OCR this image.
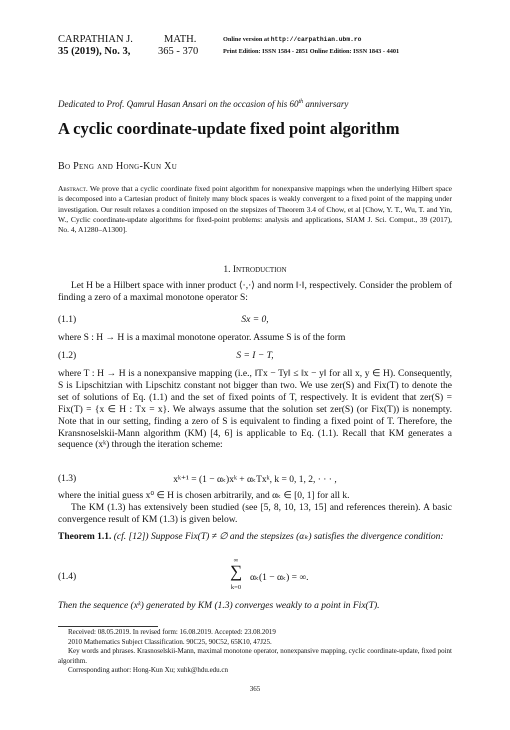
CARPATHIAN J.
35 (2019), No. 3,
MATH.
365 - 370
Online version at http://carpathian.ubm.ro
Print Edition: ISSN 1584 - 2851 Online Edition: ISSN 1843 - 4401
Dedicated to Prof. Qamrul Hasan Ansari on the occasion of his 60th anniversary
A cyclic coordinate-update fixed point algorithm
Bo Peng and Hong-Kun Xu
Abstract. We prove that a cyclic coordinate fixed point algorithm for nonexpansive mappings when the underlying Hilbert space is decomposed into a Cartesian product of finitely many block spaces is weakly convergent to a fixed point of the mapping under investigation. Our result relaxes a condition imposed on the stepsizes of Theorem 3.4 of Chow, et al [Chow, Y. T., Wu, T. and Yin, W., Cyclic coordinate-update algorithms for fixed-point problems: analysis and applications, SIAM J. Sci. Comput., 39 (2017), No. 4, A1280–A1300].
1. Introduction
Let H be a Hilbert space with inner product ⟨·,·⟩ and norm ‖·‖, respectively. Consider the problem of finding a zero of a maximal monotone operator S:
(1.1)	Sx = 0,
where S : H → H is a maximal monotone operator. Assume S is of the form
(1.2)	S = I − T,
where T : H → H is a nonexpansive mapping (i.e., ‖Tx − Ty‖ ≤ ‖x − y‖ for all x, y ∈ H). Consequently, S is Lipschitzian with Lipschitz constant not bigger than two. We use zer(S) and Fix(T) to denote the set of solutions of Eq. (1.1) and the set of fixed points of T, respectively. It is evident that zer(S) = Fix(T) = {x ∈ H : Tx = x}. We always assume that the solution set zer(S) (or Fix(T)) is nonempty. Note that in our setting, finding a zero of S is equivalent to finding a fixed point of T. Therefore, the Kransnoselskii-Mann algorithm (KM) [4, 6] is applicable to Eq. (1.1). Recall that KM generates a sequence (xᵏ) through the iteration scheme:
(1.3)	xᵏ⁺¹ = (1 − αₖ)xᵏ + αₖTxᵏ, k = 0, 1, 2, · · · ,
where the initial guess x⁰ ∈ H is chosen arbitrarily, and αₖ ∈ [0, 1] for all k.
The KM (1.3) has extensively been studied (see [5, 8, 10, 13, 15] and references therein). A basic convergence result of KM (1.3) is given below.
Theorem 1.1. (cf. [12]) Suppose Fix(T) ≠ ∅ and the stepsizes (αₖ) satisfies the divergence condition:
(1.4)
∞
∑
k=0
αₖ(1 − αₖ) = ∞.
Then the sequence (xᵏ) generated by KM (1.3) converges weakly to a point in Fix(T).
Received: 08.05.2019. In revised form: 16.08.2019. Accepted: 23.08.2019
2010 Mathematics Subject Classification. 90C25, 90C52, 65K10, 47J25.
Key words and phrases. Krasnoselskii-Mann, maximal monotone operator, nonexpansive mapping, cyclic coordinate-update, fixed point algorithm.
Corresponding author: Hong-Kun Xu; xuhk@hdu.edu.cn
365
